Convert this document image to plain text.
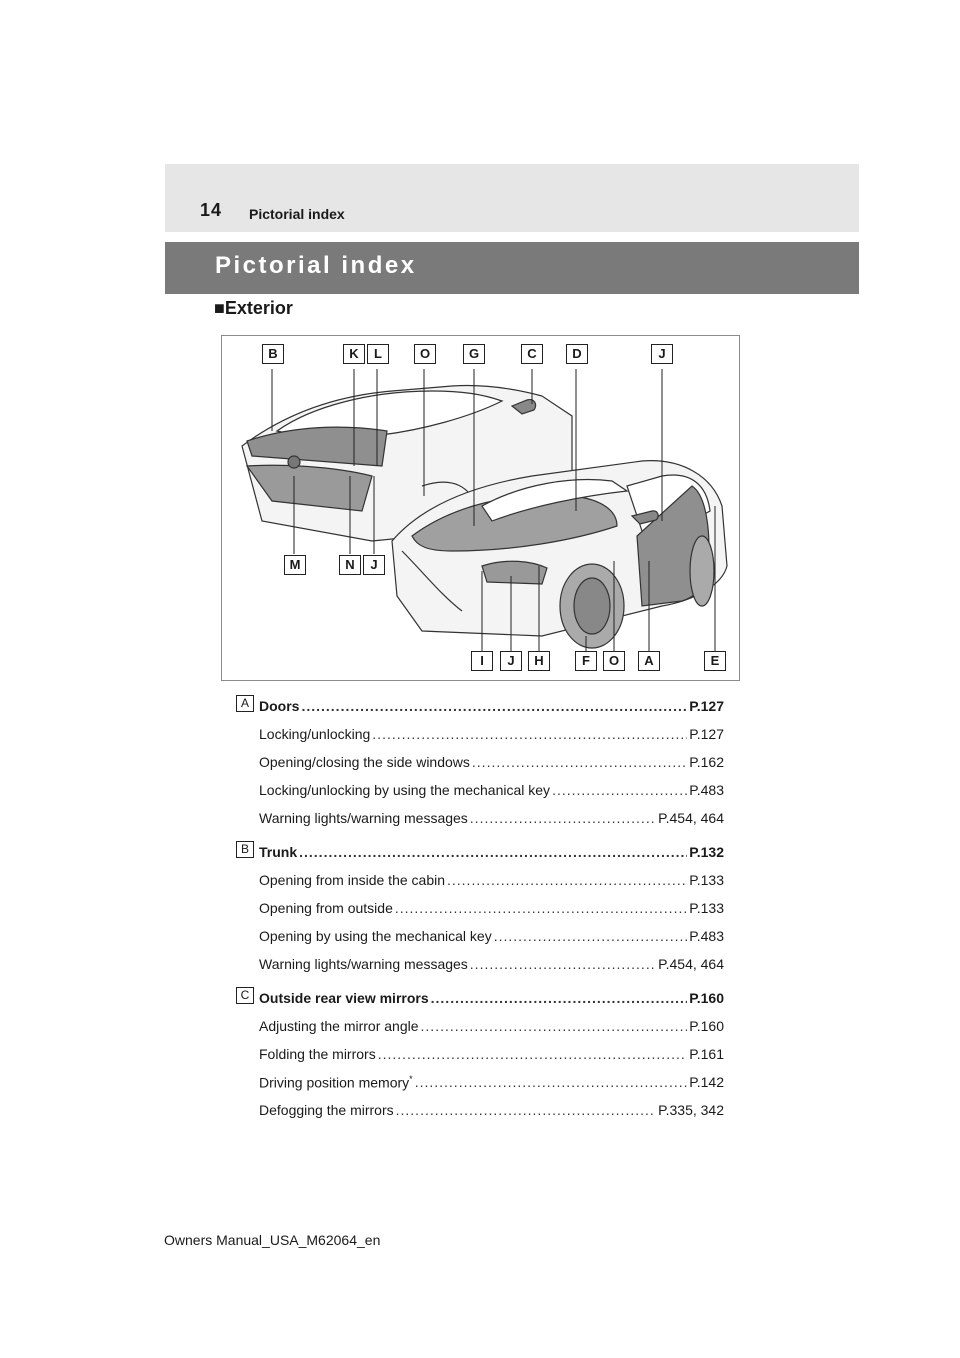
14 Pictorial index
Pictorial index
■Exterior
B	K	L	O	G	C	D	J
M	N	J
I	J	H	F	O	A	E
A Doors .....	P.127
Locking/unlocking .....	P.127
Opening/closing the side windows .....	P.162
Locking/unlocking by using the mechanical key .....	P.483
Warning lights/warning messages .....	P.454, 464
B Trunk .....	P.132
Opening from inside the cabin .....	P.133
Opening from outside .....	P.133
Opening by using the mechanical key .....	P.483
Warning lights/warning messages .....	P.454, 464
C Outside rear view mirrors .....	P.160
Adjusting the mirror angle .....	P.160
Folding the mirrors .....	P.161
Driving position memory* .....	P.142
Defogging the mirrors .....	P.335, 342
Owners Manual_USA_M62064_en
